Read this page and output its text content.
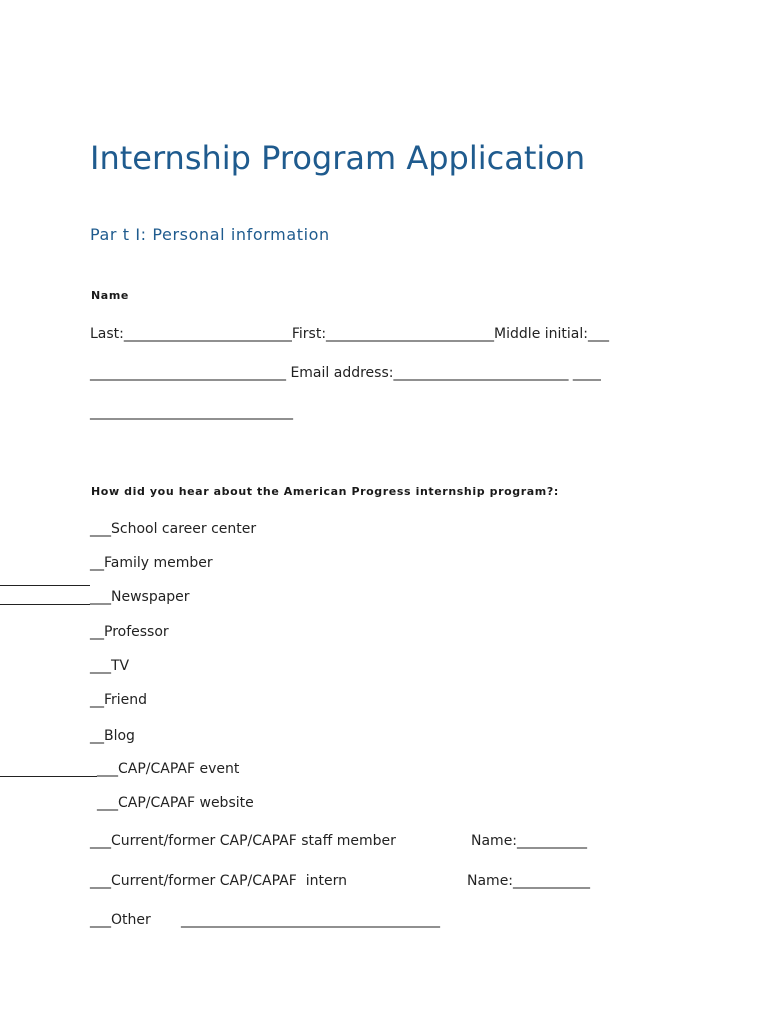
Internship Program Application
Par t I: Personal information
Name
Last:________________________First:________________________Middle initial:___
____________________________ Email address:_________________________ ____
_____________________________
How did you hear about the American Progress internship program?:
___School career center
__Family member
___Newspaper
__Professor
___TV
__Friend
__Blog
___CAP/CAPAF event
___CAP/CAPAF website
___Current/former CAP/CAPAF staff member	Name:__________
___Current/former CAP/CAPAF  intern	Name:___________
___Other _____________________________________
